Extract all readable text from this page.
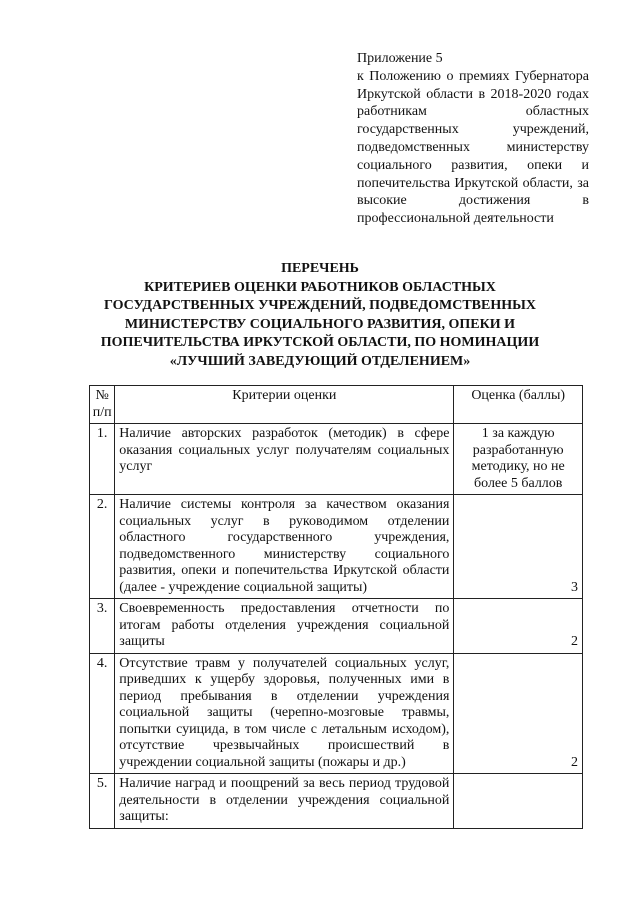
Приложение 5
к Положению о премиях Губернатора Иркутской области в 2018-2020 годах работникам областных государственных учреждений, подведомственных министерству социального развития, опеки и попечительства Иркутской области, за высокие достижения в профессиональной деятельности
ПЕРЕЧЕНЬ
КРИТЕРИЕВ ОЦЕНКИ РАБОТНИКОВ ОБЛАСТНЫХ
ГОСУДАРСТВЕННЫХ УЧРЕЖДЕНИЙ, ПОДВЕДОМСТВЕННЫХ
МИНИСТЕРСТВУ СОЦИАЛЬНОГО РАЗВИТИЯ, ОПЕКИ И
ПОПЕЧИТЕЛЬСТВА ИРКУТСКОЙ ОБЛАСТИ, ПО НОМИНАЦИИ
«ЛУЧШИЙ ЗАВЕДУЮЩИЙ ОТДЕЛЕНИЕМ»
№ п/п	Критерии оценки	Оценка (баллы)
1.	Наличие авторских разработок (методик) в сфере оказания социальных услуг получателям социальных услуг	1 за каждую разработанную методику, но не более 5 баллов
2.	Наличие системы контроля за качеством оказания социальных услуг в руководимом отделении областного государственного учреждения, подведомственного министерству социального развития, опеки и попечительства Иркутской области (далее - учреждение социальной защиты)	3
3.	Своевременность предоставления отчетности по итогам работы отделения учреждения социальной защиты	2
4.	Отсутствие травм у получателей социальных услуг, приведших к ущербу здоровья, полученных ими в период пребывания в отделении учреждения социальной защиты (черепно-мозговые травмы, попытки суицида, в том числе с летальным исходом), отсутствие чрезвычайных происшествий в учреждении социальной защиты (пожары и др.)	2
5.	Наличие наград и поощрений за весь период трудовой деятельности в отделении учреждения социальной защиты:	
